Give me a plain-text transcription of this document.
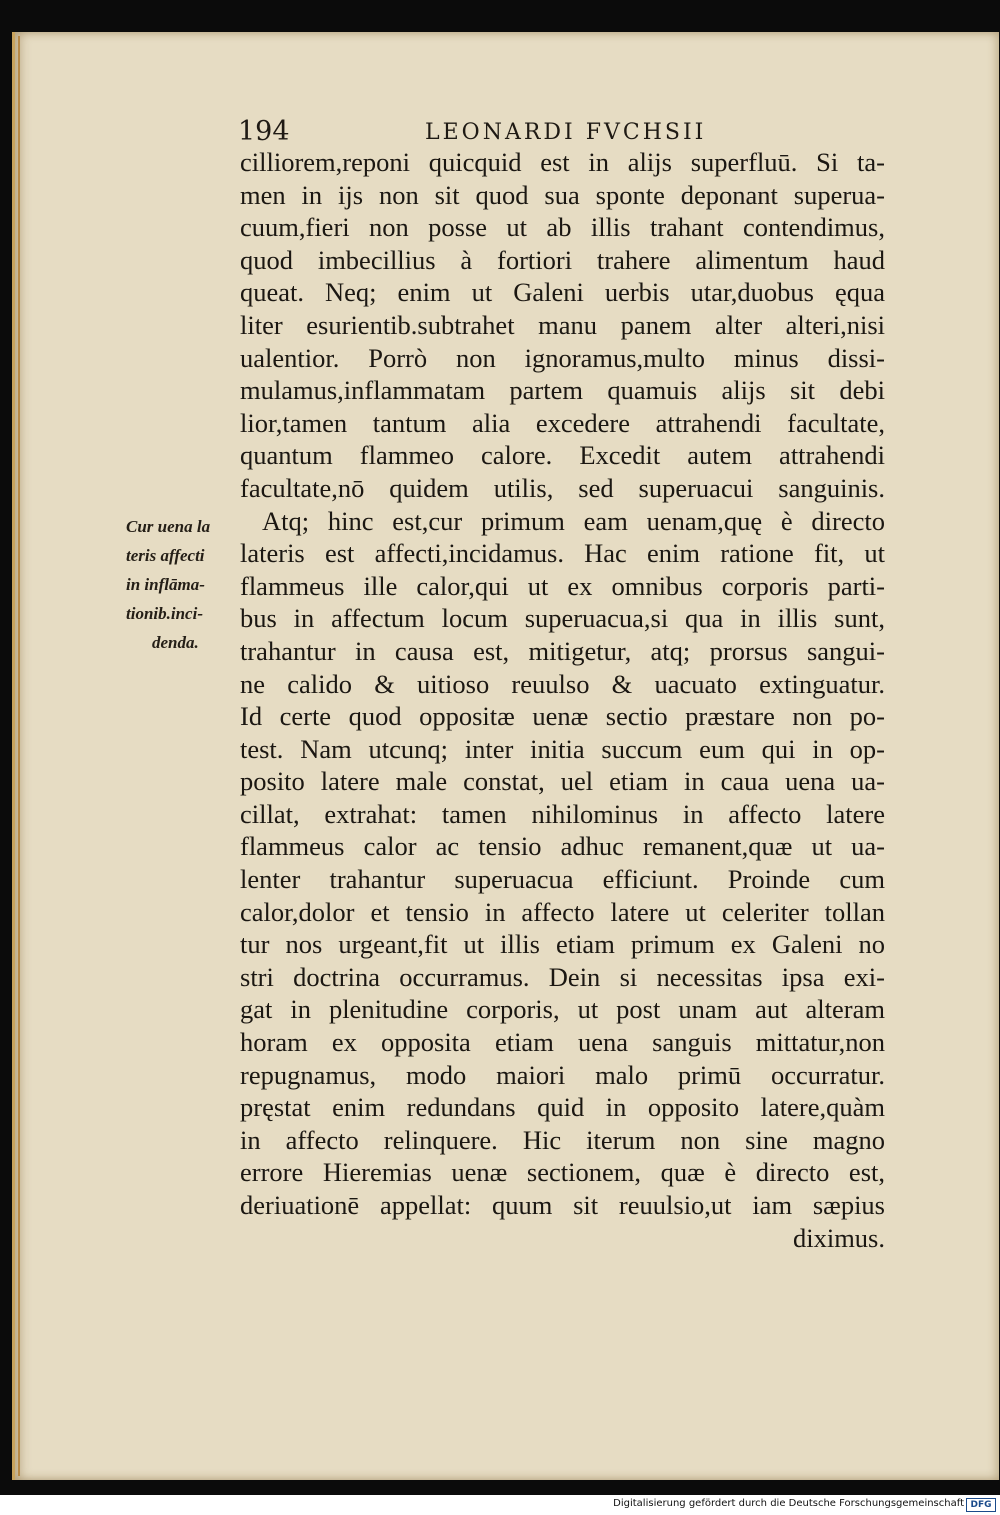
194	LEONARDI FVCHSII
Cur uena la
teris affecti
in inflāma-
tionib.inci-
denda.
cilliorem,reponi quicquid est in alijs superfluū. Si ta-
men in ijs non sit quod sua sponte deponant superua-
cuum,fieri non posse ut ab illis trahant contendimus,
quod imbecillius à fortiori trahere alimentum haud
queat. Neq; enim ut Galeni uerbis utar,duobus ęqua
liter esurientib.subtrahet manu panem alter alteri,nisi
ualentior. Porrò non ignoramus,multo minus dissi-
mulamus,inflammatam partem quamuis alijs sit debi
lior,tamen tantum alia excedere attrahendi facultate,
quantum flammeo calore. Excedit autem attrahendi
facultate,nō quidem utilis, sed superuacui sanguinis.
Atq; hinc est,cur primum eam uenam,quę è directo
lateris est affecti,incidamus. Hac enim ratione fit, ut
flammeus ille calor,qui ut ex omnibus corporis parti-
bus in affectum locum superuacua,si qua in illis sunt,
trahantur in causa est, mitigetur, atq; prorsus sangui-
ne calido & uitioso reuulso & uacuato extinguatur.
Id certe quod oppositæ uenæ sectio præstare non po-
test. Nam utcunq; inter initia succum eum qui in op-
posito latere male constat, uel etiam in caua uena ua-
cillat, extrahat: tamen nihilominus in affecto latere
flammeus calor ac tensio adhuc remanent,quæ ut ua-
lenter trahantur superuacua efficiunt. Proinde cum
calor,dolor et tensio in affecto latere ut celeriter tollan
tur nos urgeant,fit ut illis etiam primum ex Galeni no
stri doctrina occurramus. Dein si necessitas ipsa exi-
gat in plenitudine corporis, ut post unam aut alteram
horam ex opposita etiam uena sanguis mittatur,non
repugnamus, modo maiori malo primū occurratur.
pręstat enim redundans quid in opposito latere,quàm
in affecto relinquere. Hic iterum non sine magno
errore Hieremias uenæ sectionem, quæ è directo est,
deriuationē appellat: quum sit reuulsio,ut iam sæpius
diximus.
Digitalisierung gefördert durch die Deutsche Forschungsgemeinschaft DFG
